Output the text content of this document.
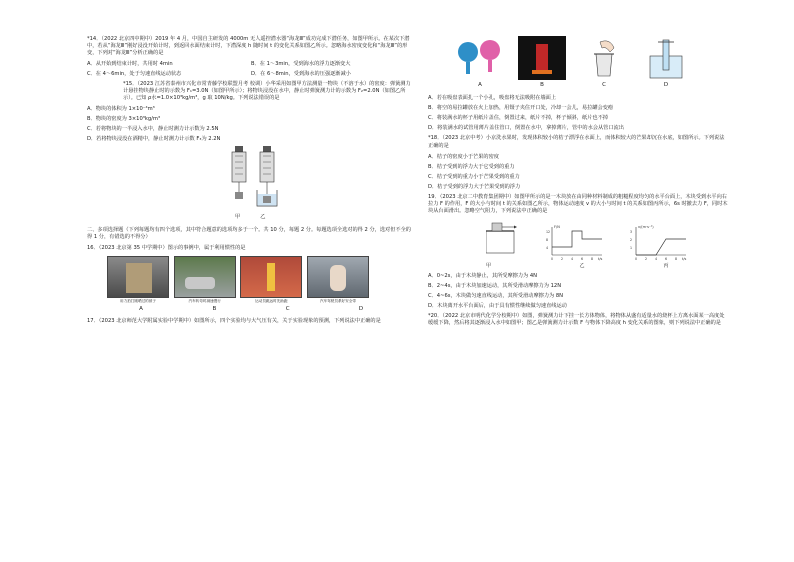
*14．（2022 北京四中期中）2019 年 4 月，中国自主研发的 4000m 无人遥控潜水器“海龙Ⅲ”成功完成下潜任务，如图甲所示。在某次下潜中，若从“海龙Ⅲ”刚好浸没开始计时，到返回水面结束计时，下潜深度 h 随时间 t 的变化关系如图乙所示。忽略海水密度变化和“海龙Ⅲ”的形变，下列对“海龙Ⅲ”分析正确的是

A．从开始到结束计时，共用时 4min	B．在 1～3min，受到海水的浮力逐渐变大
C．在 4～6min，处于匀速直线运动状态	D．在 6～8min，受到海水的压强逐渐减小

*15．（2023 江苏省泰州市兴化市常青藤学校联盟月考 校调）小华采用如图甲方法测量一物块（不溶于水）的密度：弹簧测力计悬挂物块静止时的示数为 F₁=3.0N（如图甲所示）；将物块浸没在水中，静止时弹簧测力计的示数为 F₂=2.0N（如图乙所示）。已知 ρ水=1.0×10³kg/m³，g 取 10N/kg。下列说法错误的是

A．物块的体积为 1×10⁻⁴m³

B．物块的密度为 3×10³kg/m³

C．若将物块的一半浸入水中，静止时测力计示数为 2.5N

D．若将物块浸没在酒精中，静止时测力计示数 F₃为 2.2N

甲	乙

二、多项选择题（下列每题均有四个选项，其中符合题意的选项均多于一个。共 10 分，每题 2 分。每题选项全选对的得 2 分，选对但不全的得 1 分，有错选的不得分）

16．（2023 北京第 35 中学期中）图示的事例中，属于利用惯性的是

用力拍打刚晒过的被子	汽车转弯时减速慢行	运动员跳远时先助跑	汽车驾驶员系好安全带
A	B	C	D

17．（2023 北京师范大学附属实验中学期中）如图所示，四个实验均与大气压有关，关于实验现象的预测，下列说法中正确的是

A	B	C	D

A．若在吸盘表面扎一个小孔，吸盘将无法吸附在墙面上

B．将空的易拉罐放在火上加热，用镊子夹住开口处，冷却一会儿，易拉罐会变瘪

C．将装满水的杯子用纸片盖住，倒置过来，纸片不掉，杯子倾斜，纸片也不掉

D．将装满水的试管用薄片盖住管口，倒置在水中，拿掉薄片，管中的水会从管口流出

*18．（2023 北京中考）小京洗水果时，发现体积较小的桔子漂浮在水面上，而体积较大的芒果却沉在水底，如图所示。下列说法正确的是

A．桔子的密度小于芒果的密度

B．桔子受到的浮力大于它受到的重力

C．桔子受到的重力小于芒果受到的重力

D．桔子受到的浮力大于芒果受到的浮力

19．（2023 北京二中教育集团期中）如图甲所示的是一木块放在由同种材料制成的粗糙程度均匀的水平台面上，木块受到水平向右拉力 F 的作用，F 的大小与时间 t 的关系如图乙所示，物体运动速度 v 的大小与时间 t 的关系如图丙所示，6s 时撤去力 F，同时木块从台面滑出。忽略空气阻力，下列说法中正确的是

F/N
t/s
0 2 4 6 8
12
8
4
v/(m·s⁻¹)
t/s
0 2 4 6 8
3
2
1
甲	乙	丙

A．0~2s，由于木块静止，其所受摩擦力为 4N

B．2~4s，由于木块加速运动，其所受滑动摩擦力为 12N

C．4~6s，木块做匀速直线运动，其所受滑动摩擦力为 8N

D．木块离开水平台面后，由于具有惯性继续做匀速直线运动

*20．（2022 北京市明代化学分校期中）如图，弹簧测力计下挂一长方体物体，将物体从盛有适量水的烧杯上方离水面某一高度处缓缓下降，然后将其逐渐浸入水中如图甲；图乙是弹簧测力计示数 F 与物体下降高度 h 变化关系的图象，则下列说法中正确的是
